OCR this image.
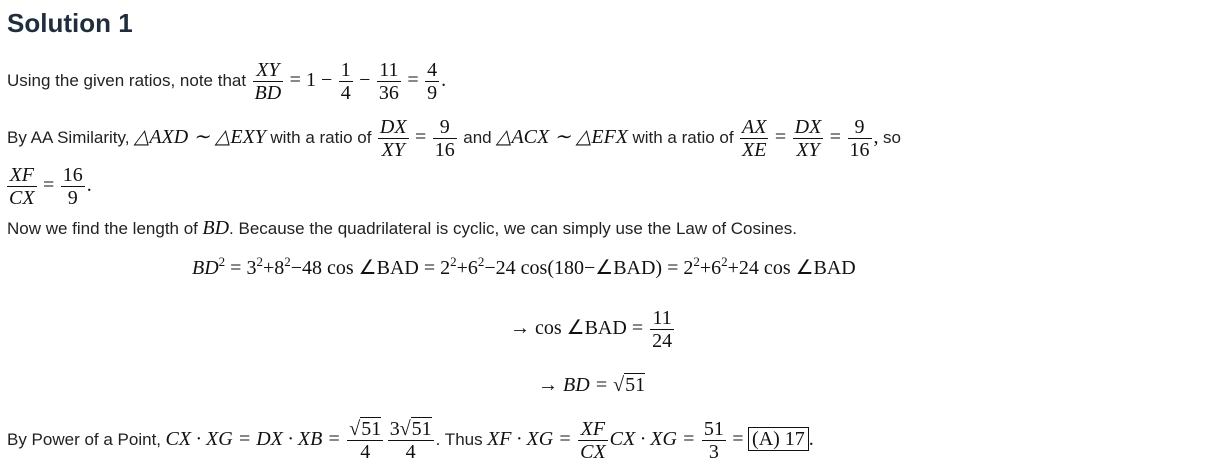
Solution 1
Using the given ratios, note that $\frac{XY}{BD} = 1 - \frac{1}{4} - \frac{11}{36} = \frac{4}{9}$ .
By AA Similarity, △AXD ∼ △EXY with a ratio of $\frac{DX}{XY} = \frac{9}{16}$ and △ACX ∼ △EFX with a ratio of $\frac{AX}{XE} = \frac{DX}{XY} = \frac{9}{16}$ , so
$\frac{XF}{CX} = \frac{16}{9}$ .
Now we find the length of BD. Because the quadrilateral is cyclic, we can simply use the Law of Cosines.
$BD^2 = 3^2+8^2-48$ cos ∠BAD = $2^2+6^2-24$ cos(180−∠BAD) = $2^2+6^2+24$ cos ∠BAD
→ cos ∠BAD = $\frac{11}{24}$
→ BD = √51
By Power of a Point, CX · XG = DX · XB = $\frac{√51}{4}$
$\frac{3√51}{4}$ . Thus XF · XG = $\frac{XF}{CX}$ CX · XG = $\frac{51}{3} = (A)$ 17 .
